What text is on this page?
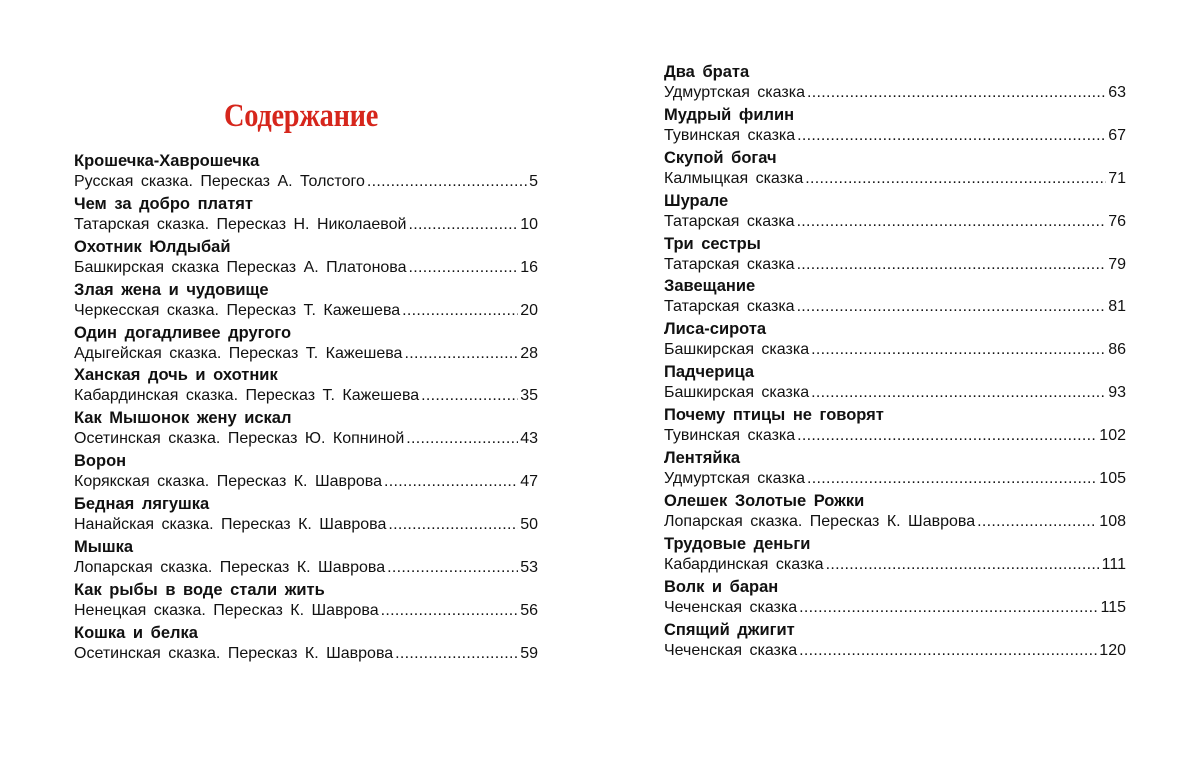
Содержание
Крошечка-Хаврошечка
Русская сказка. Пересказ А. Толстого .....	5
Чем за добро платят
Татарская сказка. Пересказ Н. Николаевой .....	10
Охотник Юлдыбай
Башкирская сказка Пересказ А. Платонова .....	16
Злая жена и чудовище
Черкесская сказка. Пересказ Т. Кажешева .....	20
Один догадливее другого
Адыгейская сказка. Пересказ Т. Кажешева .....	28
Ханская дочь и охотник
Кабардинская сказка. Пересказ Т. Кажешева .....	35
Как Мышонок жену искал
Осетинская сказка. Пересказ Ю. Копниной .....	43
Ворон
Корякская сказка. Пересказ К. Шаврова .....	47
Бедная лягушка
Нанайская сказка. Пересказ К. Шаврова .....	50
Мышка
Лопарская сказка. Пересказ К. Шаврова .....	53
Как рыбы в воде стали жить
Ненецкая сказка. Пересказ К. Шаврова .....	56
Кошка и белка
Осетинская сказка. Пересказ К. Шаврова .....	59
Два брата
Удмуртская сказка .....	63
Мудрый филин
Тувинская сказка .....	67
Скупой богач
Калмыцкая сказка .....	71
Шурале
Татарская сказка .....	76
Три сестры
Татарская сказка .....	79
Завещание
Татарская сказка .....	81
Лиса-сирота
Башкирская сказка .....	86
Падчерица
Башкирская сказка .....	93
Почему птицы не говорят
Тувинская сказка .....	102
Лентяйка
Удмуртская сказка .....	105
Олешек Золотые Рожки
Лопарская сказка. Пересказ К. Шаврова .....	108
Трудовые деньги
Кабардинская сказка .....	111
Волк и баран
Чеченская сказка .....	115
Спящий джигит
Чеченская сказка .....	120
